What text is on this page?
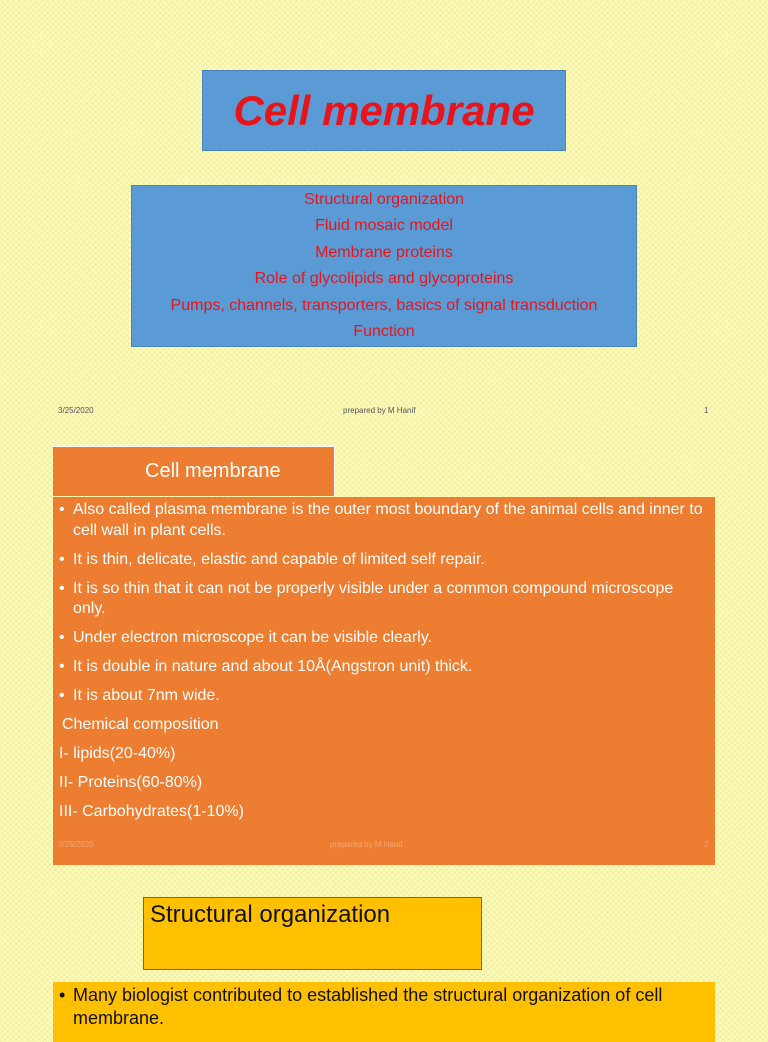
Cell membrane
Structural organization
Fluid mosaic model
Membrane proteins
Role of glycolipids and glycoproteins
Pumps, channels, transporters, basics of signal transduction
Function
3/25/2020	prepared by M Hanif	1
Cell membrane
• Also called plasma membrane is the outer most boundary of the animal cells and inner to cell wall in plant cells.
• It is thin, delicate, elastic and capable of limited self repair.
• It is so thin that it can not be properly visible under a common compound microscope only.
• Under electron microscope it can be visible clearly.
• It is double in nature and about 10Å(Angstron unit) thick.
• It is about 7nm wide.
Chemical composition
I- lipids(20-40%)
II- Proteins(60-80%)
III- Carbohydrates(1-10%)
3/25/2020	prepared by M Hanif	2
Structural organization
• Many biologist contributed to established the structural organization of cell membrane.
